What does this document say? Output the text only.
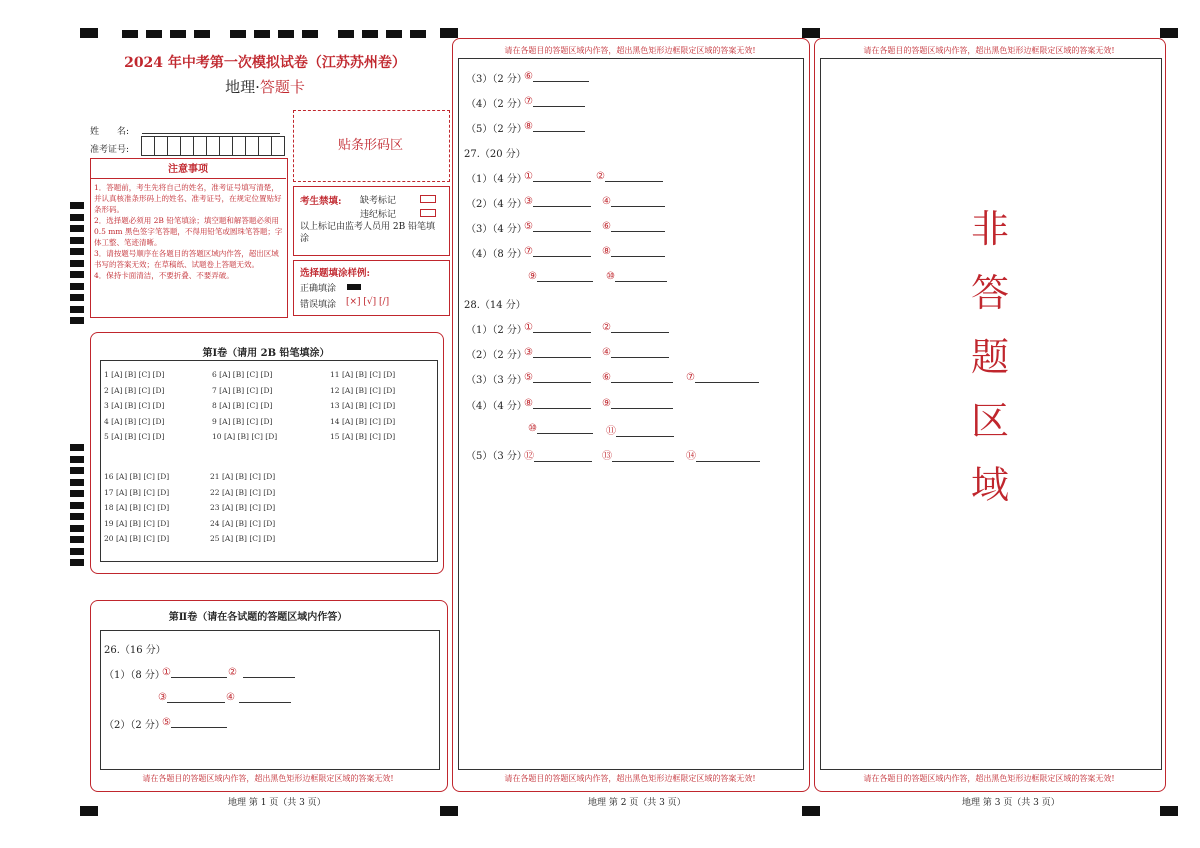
2024 年中考第一次模拟试卷（江苏苏州卷）
地理·答题卡
姓　　名:
准考证号:	贴条形码区
注意事项
1．答题前，考生先将自己的姓名，准考证号填写清楚，并认真核准条形码上的姓名、准考证号，在规定位置贴好条形码。
2．选择题必须用 2B 铅笔填涂；填空题和解答题必须用 0.5 mm 黑色签字笔答题，不得用铅笔或圆珠笔答题；字体工整、笔迹清晰。
3．请按题号顺序在各题目的答题区域内作答，超出区域书写的答案无效；在草稿纸、试题卷上答题无效。
4．保持卡面清洁，不要折叠、不要弄破。
考生禁填: 缺考标记
违纪标记
以上标记由监考人员用 2B 铅笔填涂
选择题填涂样例:
正确填涂
错误填涂 [×] [√] [/]
第Ⅰ卷（请用 2B 铅笔填涂）
1 [A] [B] [C] [D]
2 [A] [B] [C] [D]
3 [A] [B] [C] [D]
4 [A] [B] [C] [D]
5 [A] [B] [C] [D]
6 [A] [B] [C] [D]
7 [A] [B] [C] [D]
8 [A] [B] [C] [D]
9 [A] [B] [C] [D]
10 [A] [B] [C] [D]
11 [A] [B] [C] [D]
12 [A] [B] [C] [D]
13 [A] [B] [C] [D]
14 [A] [B] [C] [D]
15 [A] [B] [C] [D]
16 [A] [B] [C] [D]
17 [A] [B] [C] [D]
18 [A] [B] [C] [D]
19 [A] [B] [C] [D]
20 [A] [B] [C] [D]
21 [A] [B] [C] [D]
22 [A] [B] [C] [D]
23 [A] [B] [C] [D]
24 [A] [B] [C] [D]
25 [A] [B] [C] [D]
第Ⅱ卷（请在各试题的答题区域内作答）
26.（16 分）
（1）（8 分）
①	②
③	④
（2）（2 分）
⑤
请在各题目的答题区域内作答，超出黑色矩形边框限定区域的答案无效!
地理 第 1 页（共 3 页）
请在各题目的答题区域内作答，超出黑色矩形边框限定区域的答案无效!
（3）（2 分）
⑥
（4）（2 分）
⑦
（5）（2 分）
⑧
27.（20 分）
（1）（4 分）
①	②
（2）（4 分）
③	④
（3）（4 分）
⑤	⑥
（4）（8 分）
⑦	⑧
⑨	⑩
28.（14 分）
（1）（2 分）
①	②
（2）（2 分）
③	④
（3）（3 分）
⑤	⑥	⑦
（4）（4 分）
⑧	⑨
⑩	⑪
（5）（3 分）
⑫	⑬	⑭
请在各题目的答题区域内作答，超出黑色矩形边框限定区域的答案无效!
地理 第 2 页（共 3 页）
请在各题目的答题区域内作答，超出黑色矩形边框限定区域的答案无效!
非
答
题
区
域
请在各题目的答题区域内作答，超出黑色矩形边框限定区域的答案无效!
地理 第 3 页（共 3 页）
